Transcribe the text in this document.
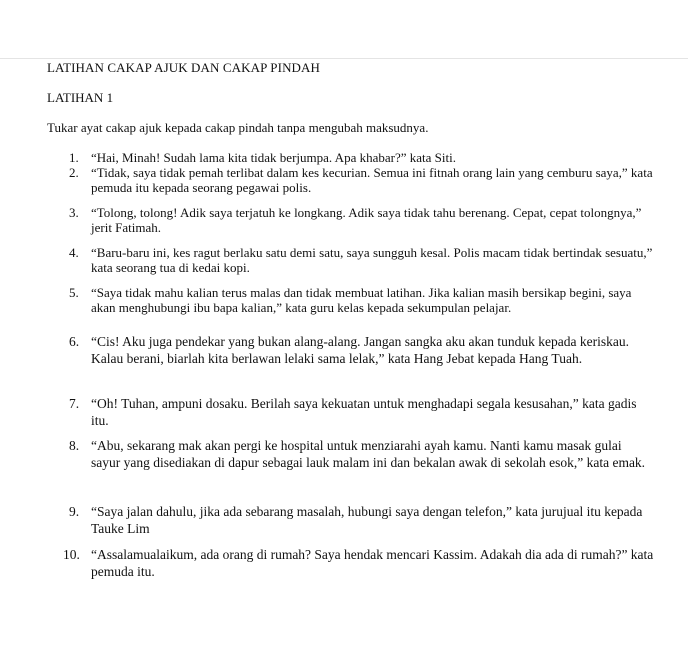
LATIHAN CAKAP AJUK DAN CAKAP PINDAH
LATIHAN 1
Tukar ayat cakap ajuk kepada cakap pindah tanpa mengubah maksudnya.
1. “Hai, Minah! Sudah lama kita tidak berjumpa. Apa khabar?” kata Siti.
2. “Tidak, saya tidak pemah terlibat dalam kes kecurian. Semua ini fitnah orang lain yang cemburu saya,” kata pemuda itu kepada seorang pegawai polis.
3. “Tolong, tolong! Adik saya terjatuh ke longkang. Adik saya tidak tahu berenang. Cepat, cepat tolongnya,” jerit Fatimah.
4. “Baru-baru ini, kes ragut berlaku satu demi satu, saya sungguh kesal. Polis macam tidak bertindak sesuatu,” kata seorang tua di kedai kopi.
5. “Saya tidak mahu kalian terus malas dan tidak membuat latihan. Jika kalian masih bersikap begini, saya akan menghubungi ibu bapa kalian,” kata guru kelas kepada sekumpulan pelajar.
6. “Cis! Aku juga pendekar yang bukan alang-alang. Jangan sangka aku akan tunduk kepada keriskau. Kalau berani, biarlah kita berlawan lelaki sama lelak,” kata Hang Jebat kepada Hang Tuah.
7. “Oh! Tuhan, ampuni dosaku. Berilah saya kekuatan untuk menghadapi segala kesusahan,” kata gadis itu.
8. “Abu, sekarang mak akan pergi ke hospital untuk menziarahi ayah kamu. Nanti kamu masak gulai sayur yang disediakan di dapur sebagai lauk malam ini dan bekalan awak di sekolah esok,” kata emak.
9. “Saya jalan dahulu, jika ada sebarang masalah, hubungi saya dengan telefon,” kata jurujual itu kepada Tauke Lim
10. “Assalamualaikum, ada orang di rumah? Saya hendak mencari Kassim. Adakah dia ada di rumah?” kata pemuda itu.
